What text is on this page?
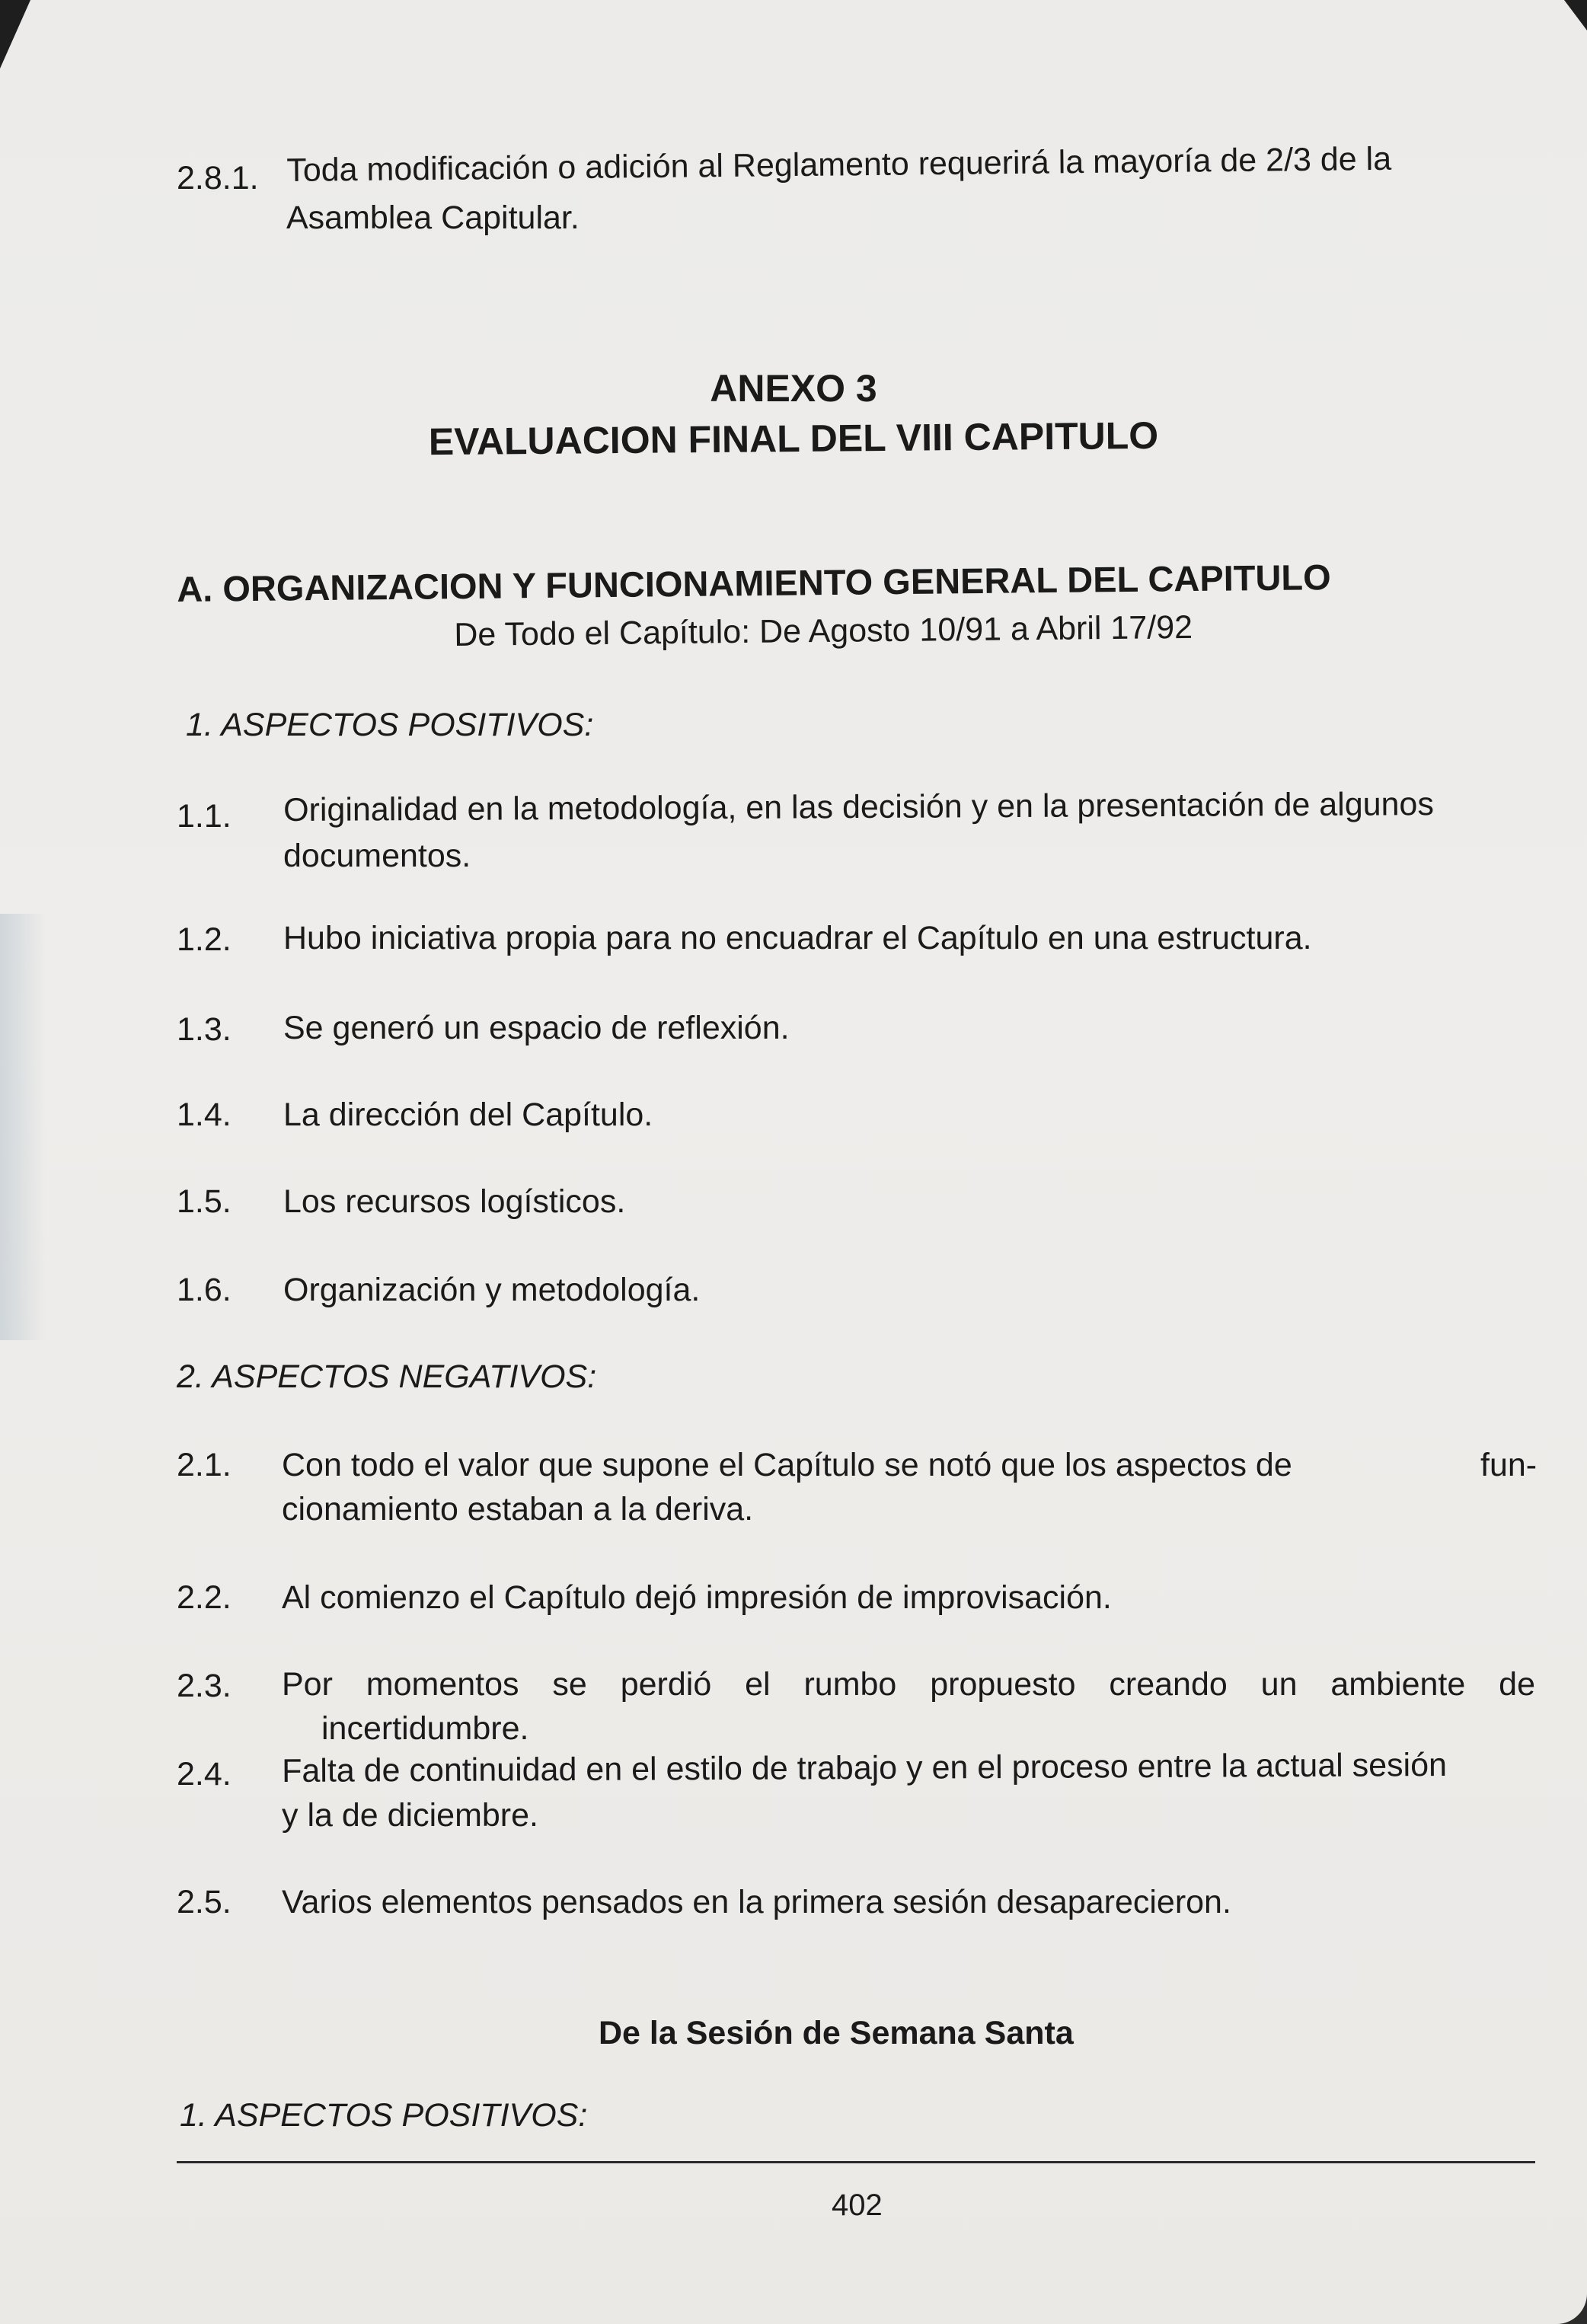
2.8.1. Toda modificación o adición al Reglamento requerirá la mayoría de 2/3 de la
Asamblea Capitular.
ANEXO 3
EVALUACION FINAL DEL VIII CAPITULO
A. ORGANIZACION Y FUNCIONAMIENTO GENERAL DEL CAPITULO
De Todo el Capítulo: De Agosto 10/91 a Abril 17/92
1. ASPECTOS POSITIVOS:
1.1. Originalidad en la metodología, en las decisión y en la presentación de algunos
documentos.
1.2. Hubo iniciativa propia para no encuadrar el Capítulo en una estructura.
1.3. Se generó un espacio de reflexión.
1.4. La dirección del Capítulo.
1.5. Los recursos logísticos.
1.6. Organización y metodología.
2. ASPECTOS NEGATIVOS:
2.1. Con todo el valor que supone el Capítulo se notó que los aspectos de	fun-
cionamiento estaban a la deriva.
2.2. Al comienzo el Capítulo dejó impresión de improvisación.
2.3. Por momentos se perdió el rumbo propuesto creando un ambiente de
incertidumbre.
2.4. Falta de continuidad en el estilo de trabajo y en el proceso entre la actual sesión
y la de diciembre.
2.5. Varios elementos pensados en la primera sesión desaparecieron.
De la Sesión de Semana Santa
1. ASPECTOS POSITIVOS:
402
